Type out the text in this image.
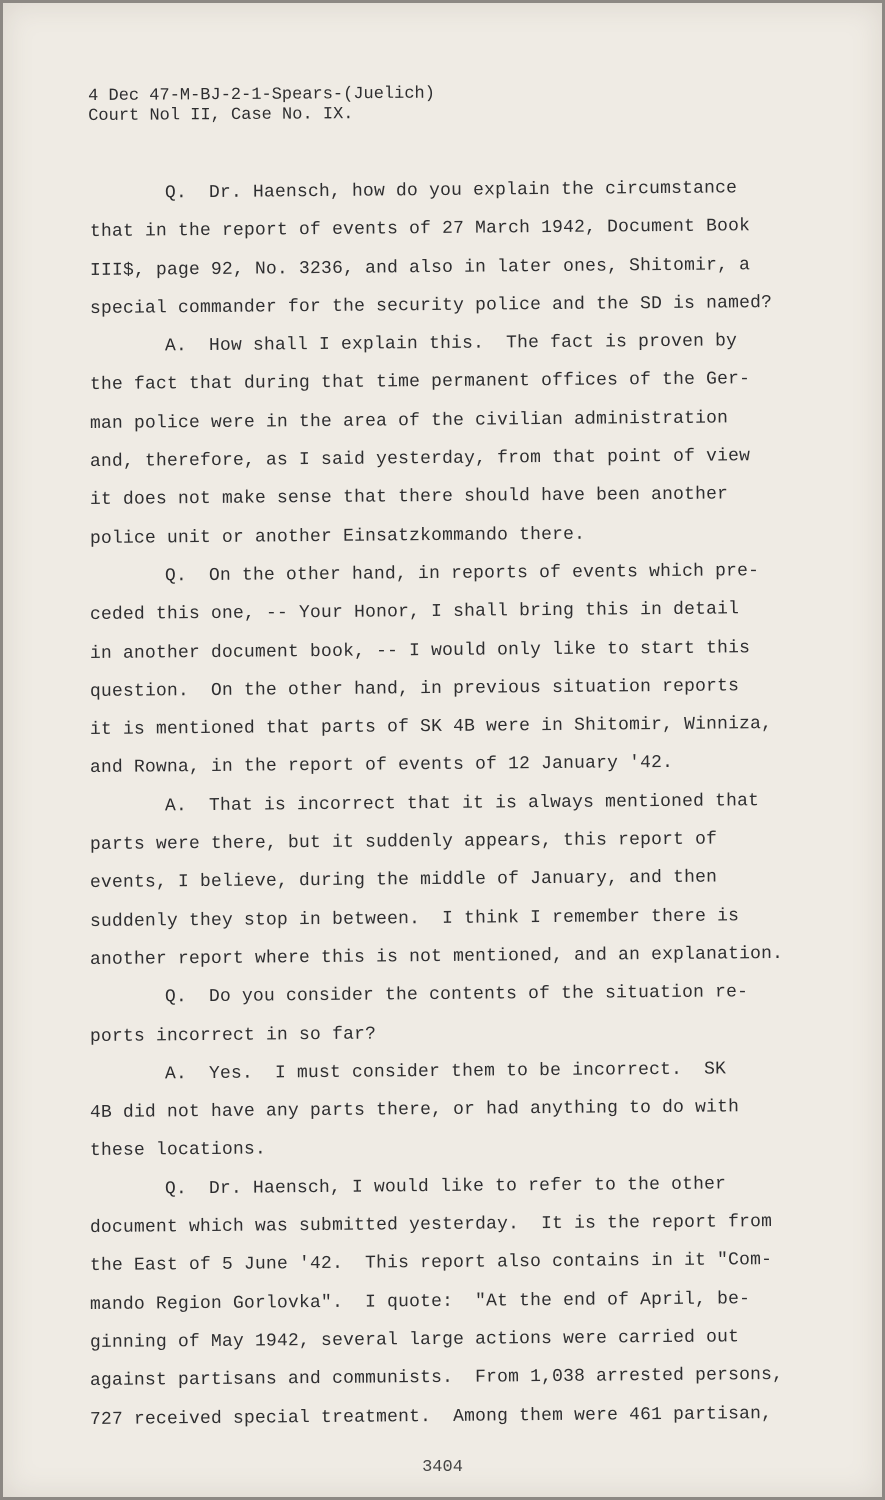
4 Dec 47-M-BJ-2-1-Spears-(Juelich)
Court Nol II, Case No. IX.
Q.  Dr. Haensch, how do you explain the circumstance
that in the report of events of 27 March 1942, Document Book
III$, page 92, No. 3236, and also in later ones, Shitomir, a
special commander for the security police and the SD is named?
A.  How shall I explain this.  The fact is proven by
the fact that during that time permanent offices of the Ger-
man police were in the area of the civilian administration
and, therefore, as I said yesterday, from that point of view
it does not make sense that there should have been another
police unit or another Einsatzkommando there.
Q.  On the other hand, in reports of events which pre-
ceded this one, -- Your Honor, I shall bring this in detail
in another document book, -- I would only like to start this
question.  On the other hand, in previous situation reports
it is mentioned that parts of SK 4B were in Shitomir, Winniza,
and Rowna, in the report of events of 12 January '42.
A.  That is incorrect that it is always mentioned that
parts were there, but it suddenly appears, this report of
events, I believe, during the middle of January, and then
suddenly they stop in between.  I think I remember there is
another report where this is not mentioned, and an explanation.
Q.  Do you consider the contents of the situation re-
ports incorrect in so far?
A.  Yes.  I must consider them to be incorrect.  SK
4B did not have any parts there, or had anything to do with
these locations.
Q.  Dr. Haensch, I would like to refer to the other
document which was submitted yesterday.  It is the report from
the East of 5 June '42.  This report also contains in it "Com-
mando Region Gorlovka".  I quote:  "At the end of April, be-
ginning of May 1942, several large actions were carried out
against partisans and communists.  From 1,038 arrested persons,
727 received special treatment.  Among them were 461 partisan,
3404
